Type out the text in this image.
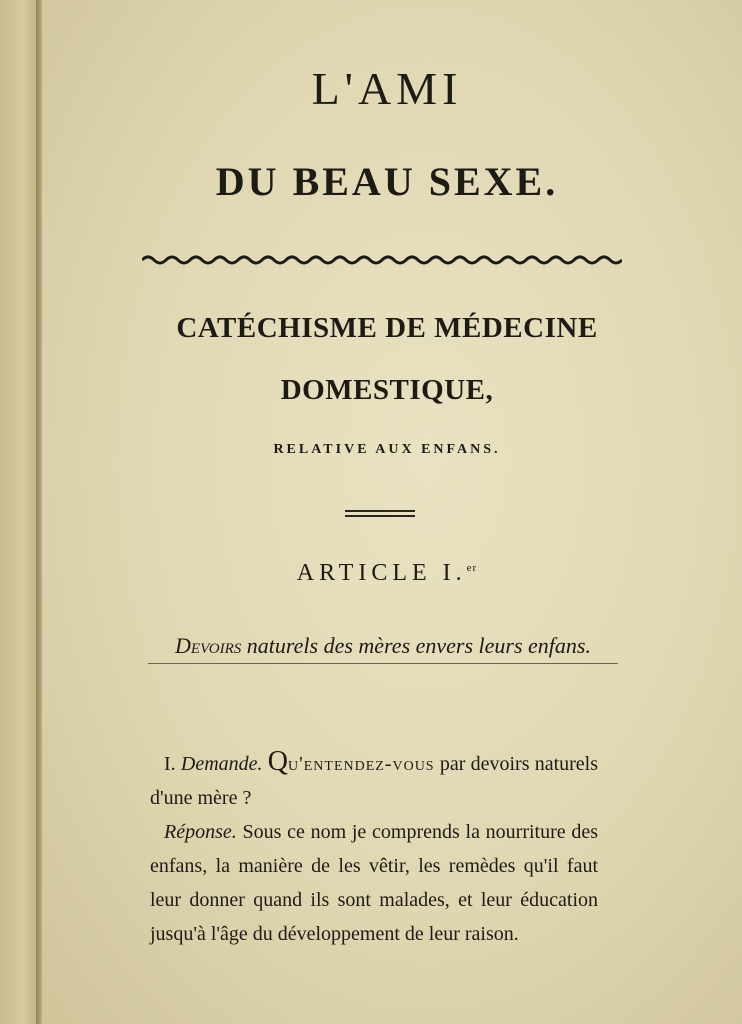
L'AMI
DU BEAU SEXE.
CATÉCHISME DE MÉDECINE
DOMESTIQUE,
RELATIVE AUX ENFANS.
ARTICLE I.$^{er}$
Devoirs naturels des mères envers leurs enfans.
I. Demande. Qu'entendez-vous par devoirs naturels d'une mère ?
Réponse. Sous ce nom je comprends la nourriture des enfans, la manière de les vêtir, les remèdes qu'il faut leur donner quand ils sont malades, et leur éducation jusqu'à l'âge du développement de leur raison.
